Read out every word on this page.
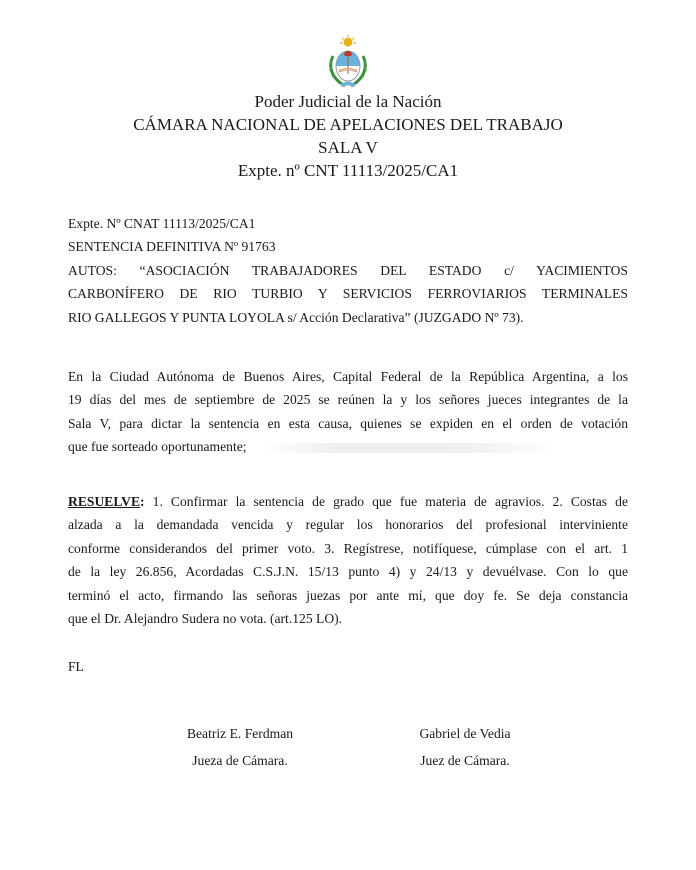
Poder Judicial de la Nación

CÁMARA NACIONAL DE APELACIONES DEL TRABAJO

SALA V

Expte. nº CNT 11113/2025/CA1

Expte. Nº CNAT 11113/2025/CA1

SENTENCIA DEFINITIVA Nº 91763

AUTOS: “ASOCIACIÓN TRABAJADORES DEL ESTADO c/ YACIMIENTOS

CARBONÍFERO DE RIO TURBIO Y SERVICIOS FERROVIARIOS TERMINALES

RIO GALLEGOS Y PUNTA LOYOLA s/ Acción Declarativa” (JUZGADO Nº 73).

En la Ciudad Autónoma de Buenos Aires, Capital Federal de la República Argentina, a los

19 días del mes de septiembre de 2025 se reúnen la y los señores jueces integrantes de la

Sala V, para dictar la sentencia en esta causa, quienes se expiden en el orden de votación

que fue sorteado oportunamente;

RESUELVE: 1. Confirmar la sentencia de grado que fue materia de agravios. 2. Costas de

alzada a la demandada vencida y regular los honorarios del profesional interviniente

conforme considerandos del primer voto. 3. Regístrese, notifíquese, cúmplase con el art. 1

de la ley 26.856, Acordadas C.S.J.N. 15/13 punto 4) y 24/13 y devuélvase. Con lo que

terminó el acto, firmando las señoras juezas por ante mí, que doy fe. Se deja constancia

que el Dr. Alejandro Sudera no vota. (art.125 LO).

FL

Beatriz E. Ferdman

Jueza de Cámara.

Gabriel de Vedia

Juez de Cámara.
